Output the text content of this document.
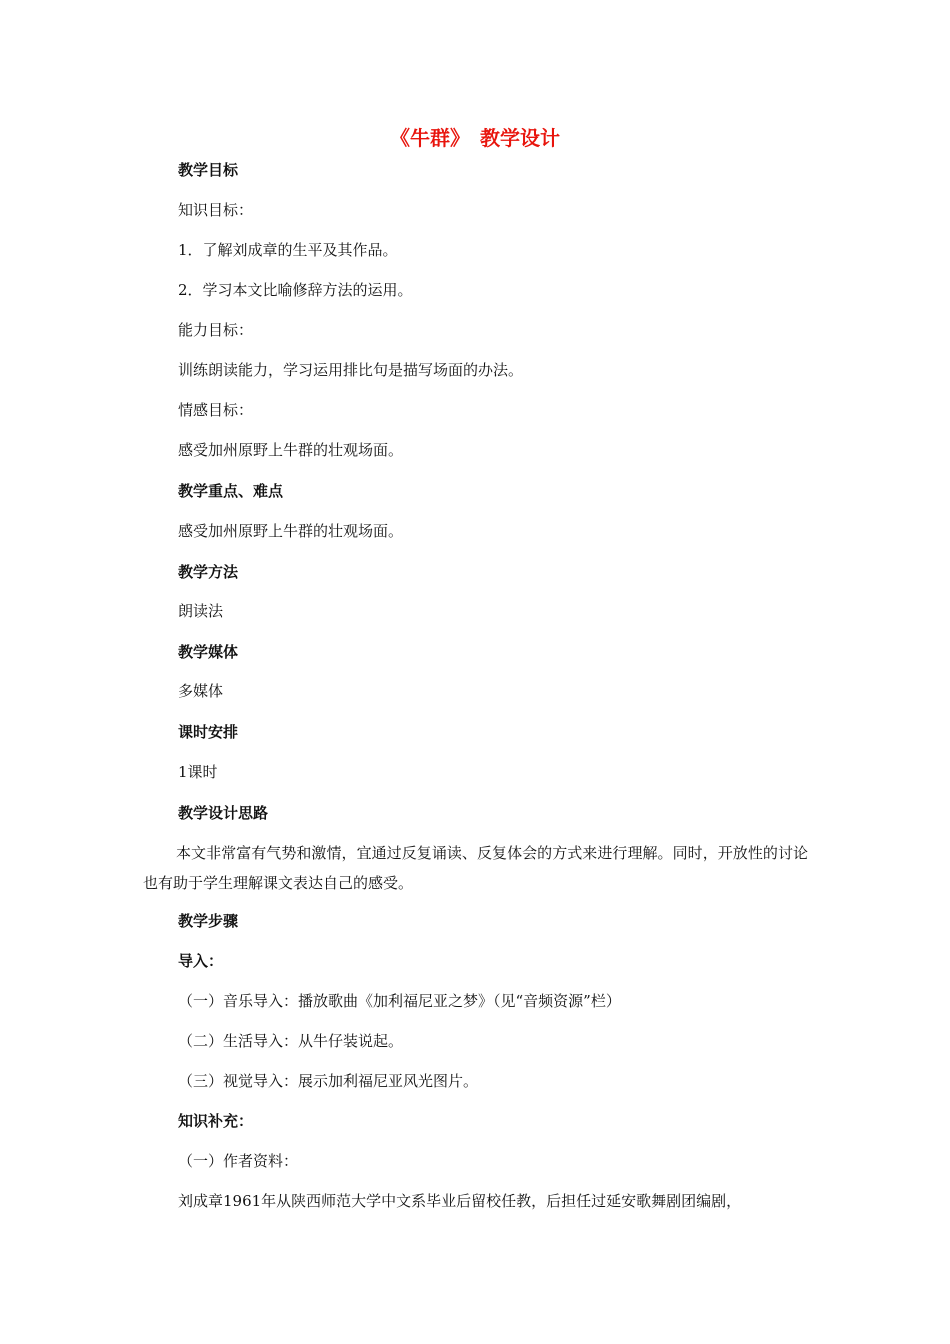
《牛群》　教学设计
教学目标
知识目标：
1．了解刘成章的生平及其作品。
2．学习本文比喻修辞方法的运用。
能力目标：
训练朗读能力，学习运用排比句是描写场面的办法。
情感目标：
感受加州原野上牛群的壮观场面。
教学重点、难点
感受加州原野上牛群的壮观场面。
教学方法
朗读法
教学媒体
多媒体
课时安排
1课时
教学设计思路
本文非常富有气势和激情，宜通过反复诵读、反复体会的方式来进行理解。同时，开放性的讨论也有助于学生理解课文表达自己的感受。
教学步骤
导入：
（一）音乐导入：播放歌曲《加利福尼亚之梦》（见“音频资源”栏）
（二）生活导入：从牛仔装说起。
（三）视觉导入：展示加利福尼亚风光图片。
知识补充：
（一）作者资料：
刘成章1961年从陕西师范大学中文系毕业后留校任教，后担任过延安歌舞剧团编剧，
